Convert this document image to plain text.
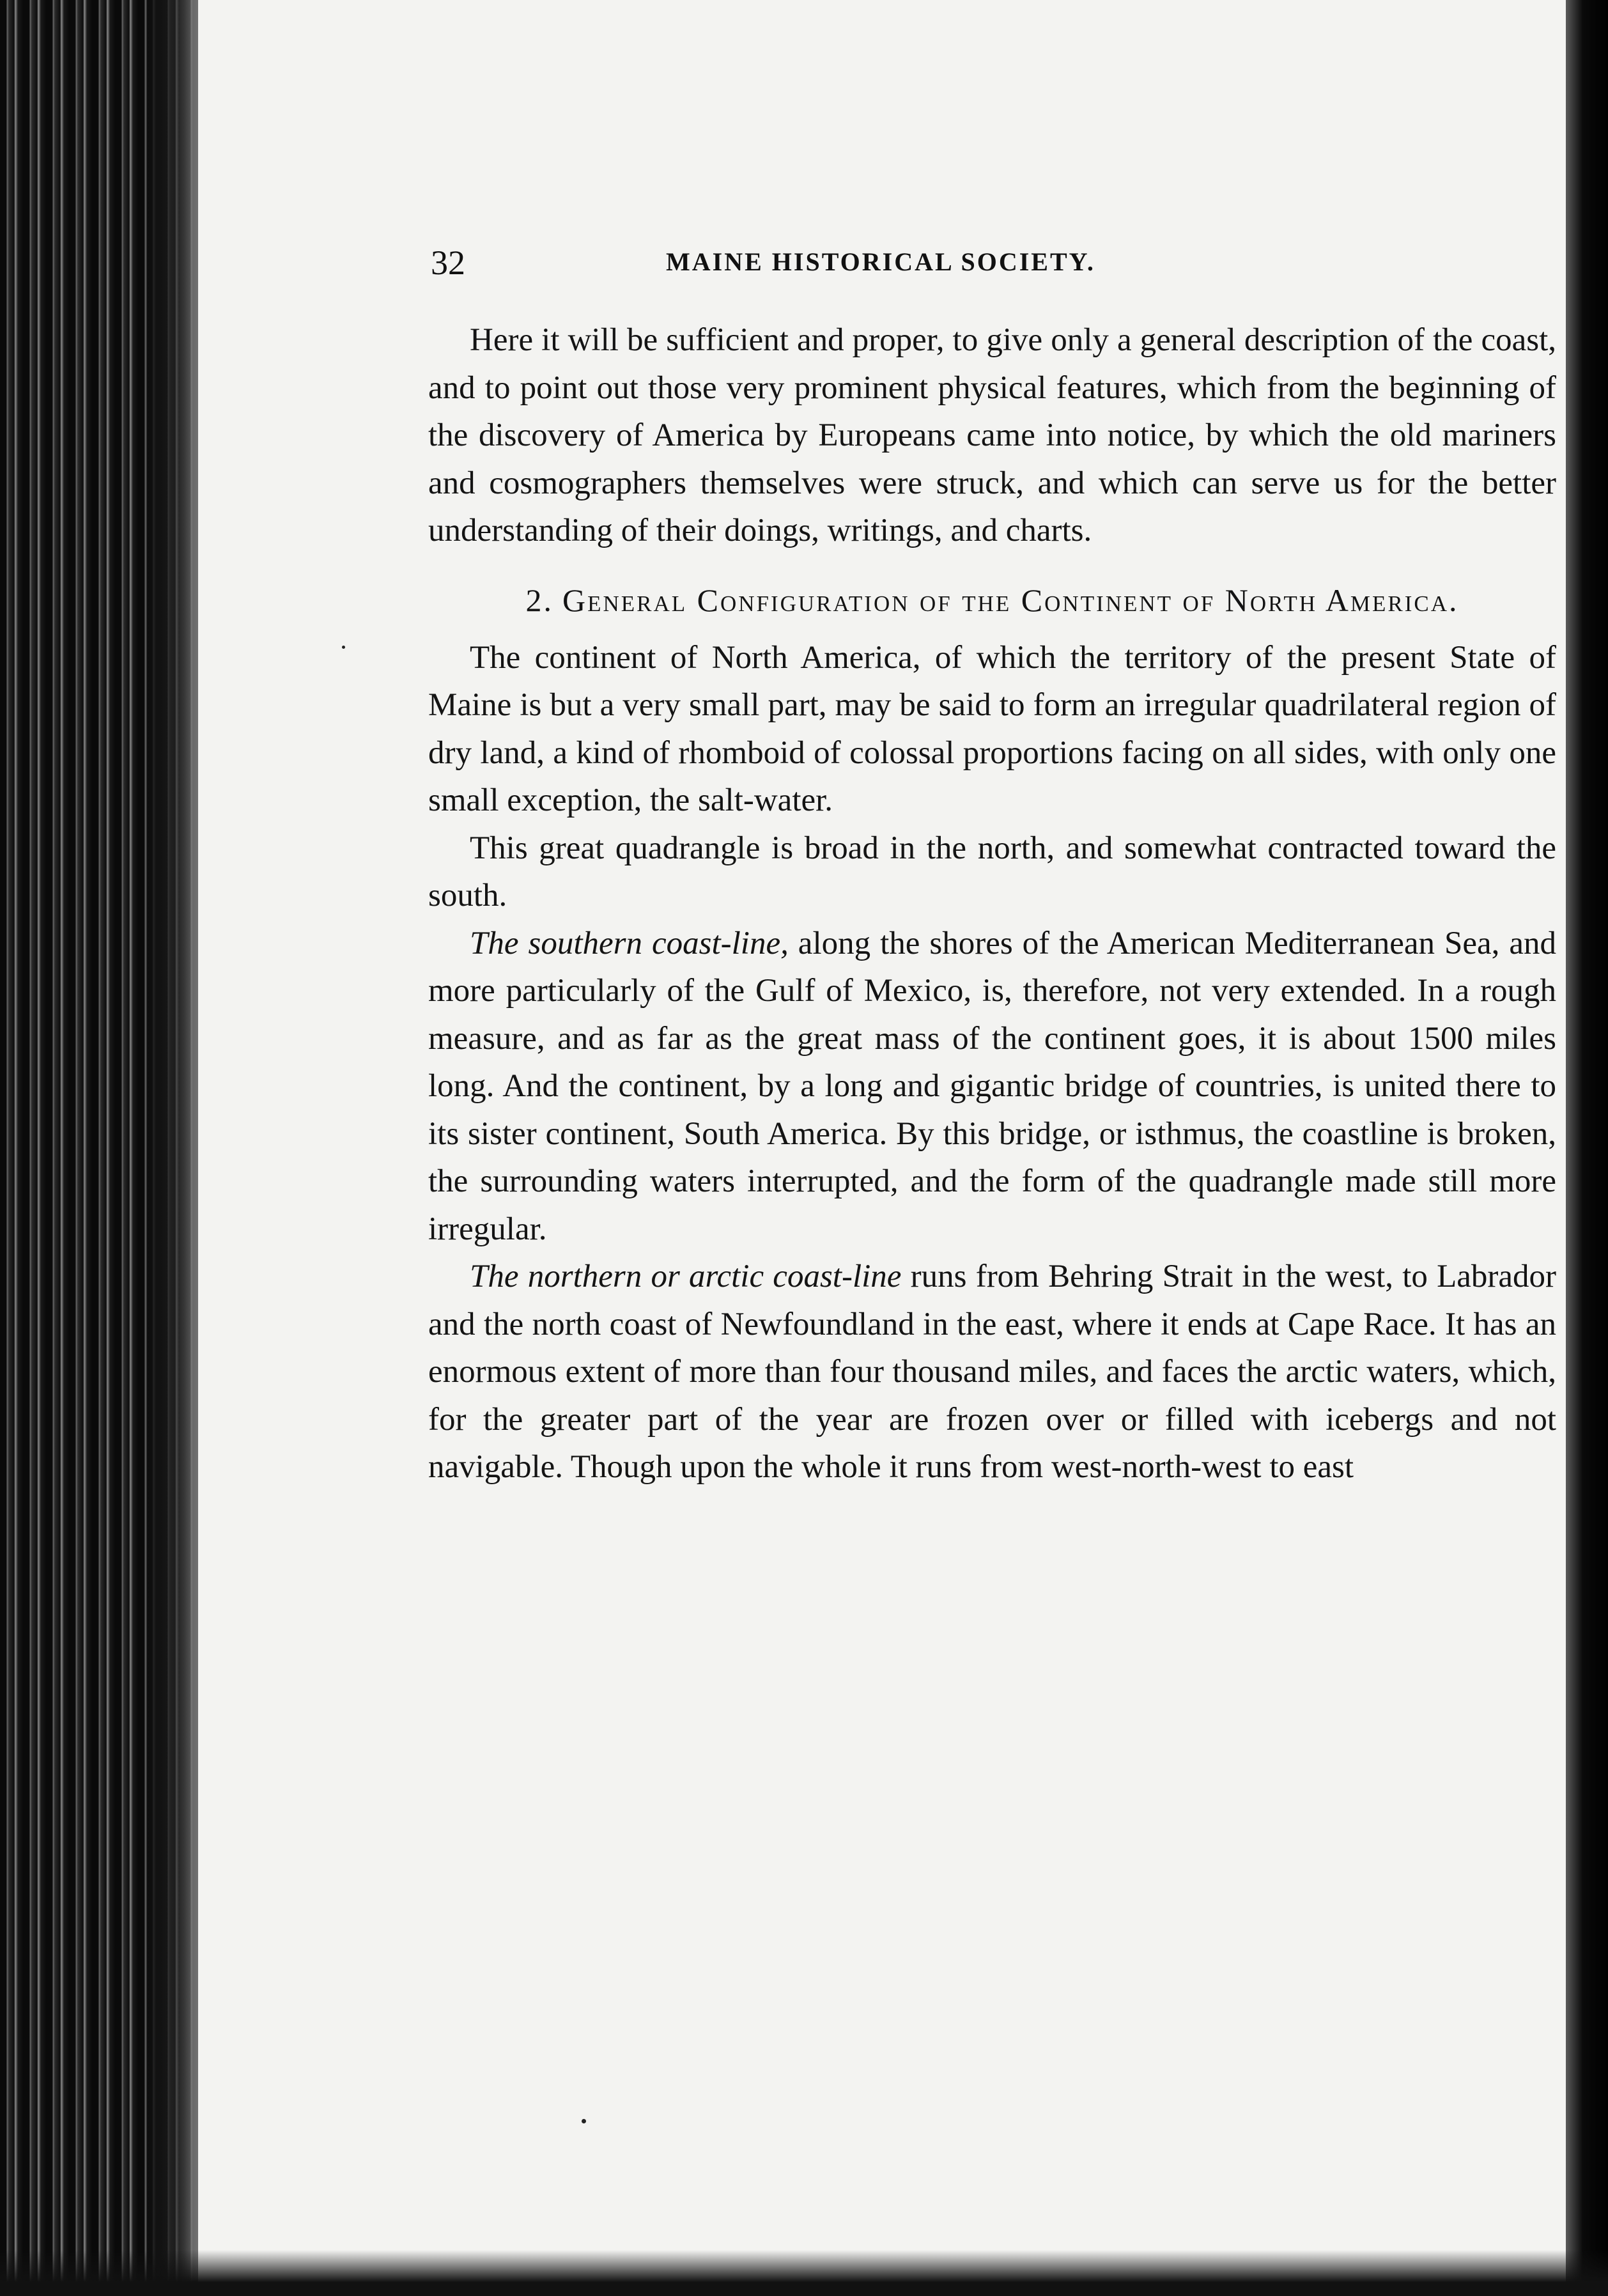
32	MAINE HISTORICAL SOCIETY.

Here it will be sufficient and proper, to give only a general description of the coast, and to point out those very prominent physical features, which from the beginning of the discovery of America by Europeans came into notice, by which the old mariners and cosmographers themselves were struck, and which can serve us for the better understanding of their doings, writings, and charts.

2. General Configuration of the Continent of North America.

The continent of North America, of which the territory of the present State of Maine is but a very small part, may be said to form an irregular quadrilateral region of dry land, a kind of rhomboid of colossal proportions facing on all sides, with only one small exception, the salt-water.

This great quadrangle is broad in the north, and somewhat contracted toward the south.

The southern coast-line, along the shores of the American Mediterranean Sea, and more particularly of the Gulf of Mexico, is, therefore, not very extended. In a rough measure, and as far as the great mass of the continent goes, it is about 1500 miles long. And the continent, by a long and gigantic bridge of countries, is united there to its sister continent, South America. By this bridge, or isthmus, the coastline is broken, the surrounding waters interrupted, and the form of the quadrangle made still more irregular.

The northern or arctic coast-line runs from Behring Strait in the west, to Labrador and the north coast of Newfoundland in the east, where it ends at Cape Race. It has an enormous extent of more than four thousand miles, and faces the arctic waters, which, for the greater part of the year are frozen over or filled with icebergs and not navigable. Though upon the whole it runs from west-north-west to east
